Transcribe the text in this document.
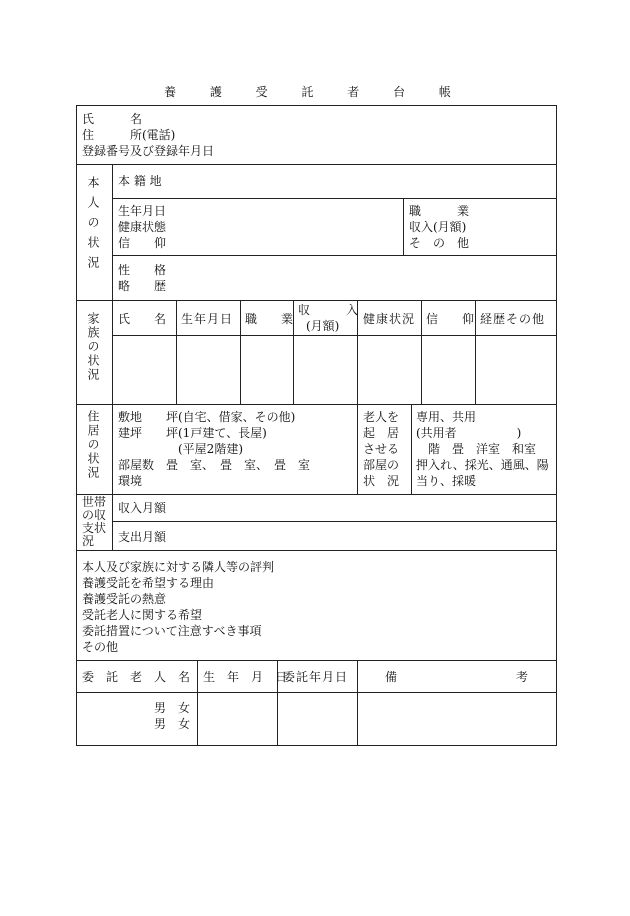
養 護 受 託 者 台 帳
氏　　　名
住　　　所(電話)
登録番号及び登録年月日
本人の状況 本 籍 地
生年月日
健康状態
信　　仰
職　　　業
収入(月額)
そ　の　他
性　　格
略　　歴
家族の状況 氏　　名 生年月日 職　　業
収　　　入
(月額) 健康状況 信　　仰 経歴その他
住居の状況 敷地　　坪(自宅、借家、その他)
建坪　　坪(1戸建て、長屋)
　　　　　(平屋2階建)
部屋数　畳　室、　畳　室、　畳　室
環境
老人を
起　居
させる
部屋の
状　況
専用、共用
(共用者　　　　　)
　階　畳　洋室　和室
押入れ、採光、通風、陽
当り、採暖
世帯
の収
支状
況
収入月額
支出月額
本人及び家族に対する隣人等の評判
養護受託を希望する理由
養護受託の熱意
受託老人に関する希望
委託措置について注意すべき事項
その他
委　託　老　人　名 生　年　月　日
委託年月日	備	考
男　女
男　女
